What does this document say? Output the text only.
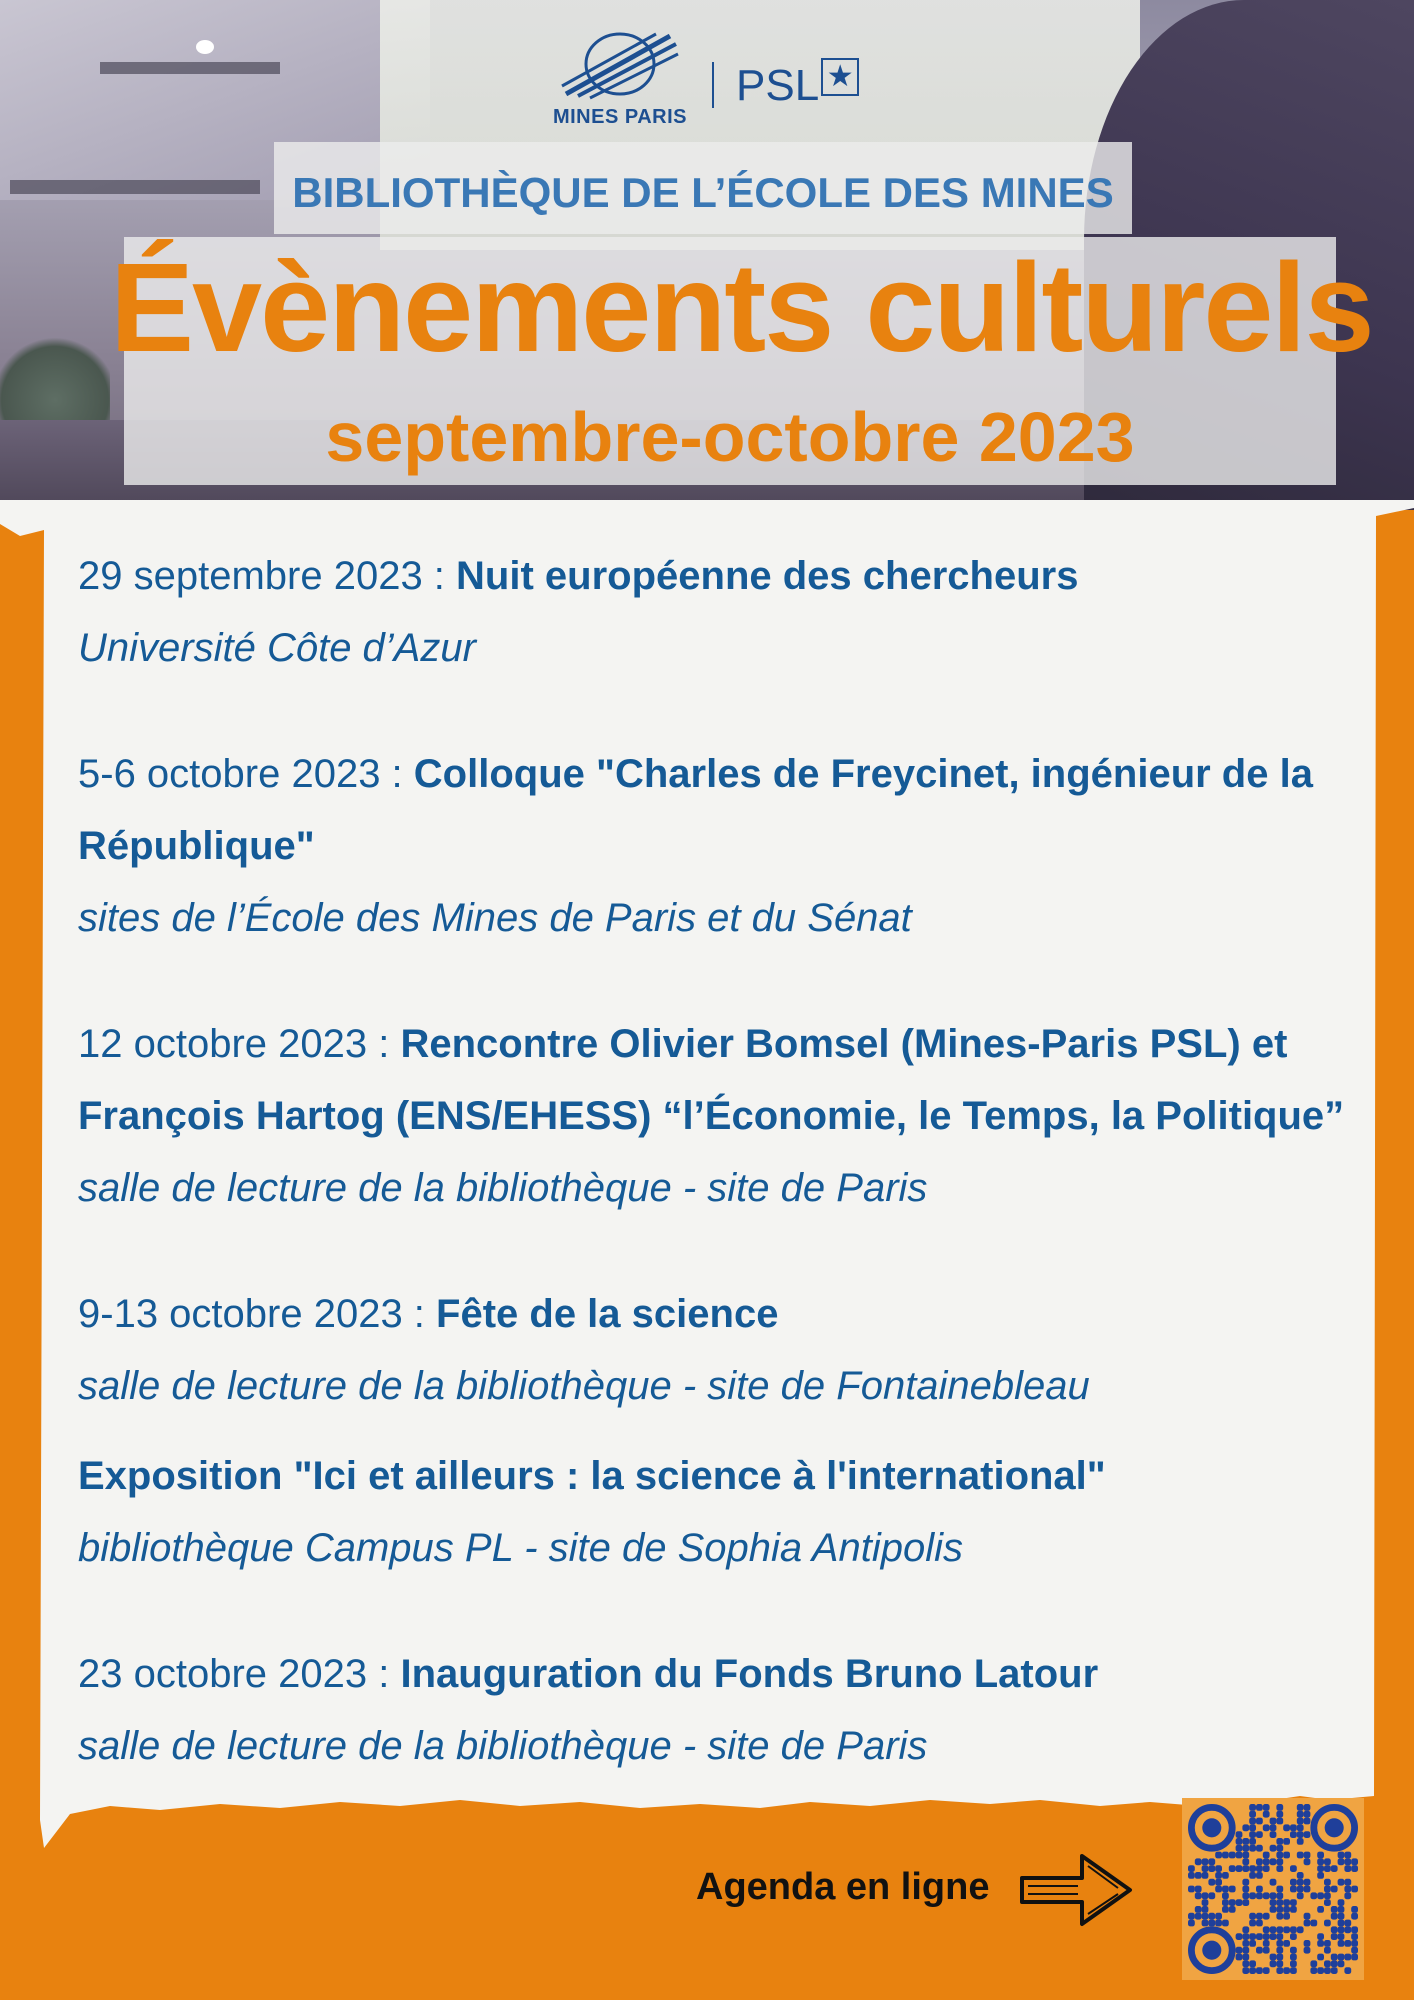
MINES PARIS
PSL ★
BIBLIOTHÈQUE DE L’ÉCOLE DES MINES
Évènements culturels
septembre-octobre 2023
29 septembre 2023 : Nuit européenne des chercheurs
Université Côte d’Azur
5-6 octobre 2023 : Colloque "Charles de Freycinet, ingénieur de la
République"
sites de l’École des Mines de Paris et du Sénat
12 octobre 2023 : Rencontre Olivier Bomsel (Mines-Paris PSL) et
François Hartog (ENS/EHESS) “l’Économie, le Temps, la Politique”
salle de lecture de la bibliothèque - site de Paris
9-13 octobre 2023 : Fête de la science
salle de lecture de la bibliothèque - site de Fontainebleau
Exposition "Ici et ailleurs : la science à l'international"
bibliothèque Campus PL - site de Sophia Antipolis
23 octobre 2023 : Inauguration du Fonds Bruno Latour
salle de lecture de la bibliothèque - site de Paris
Agenda en ligne
